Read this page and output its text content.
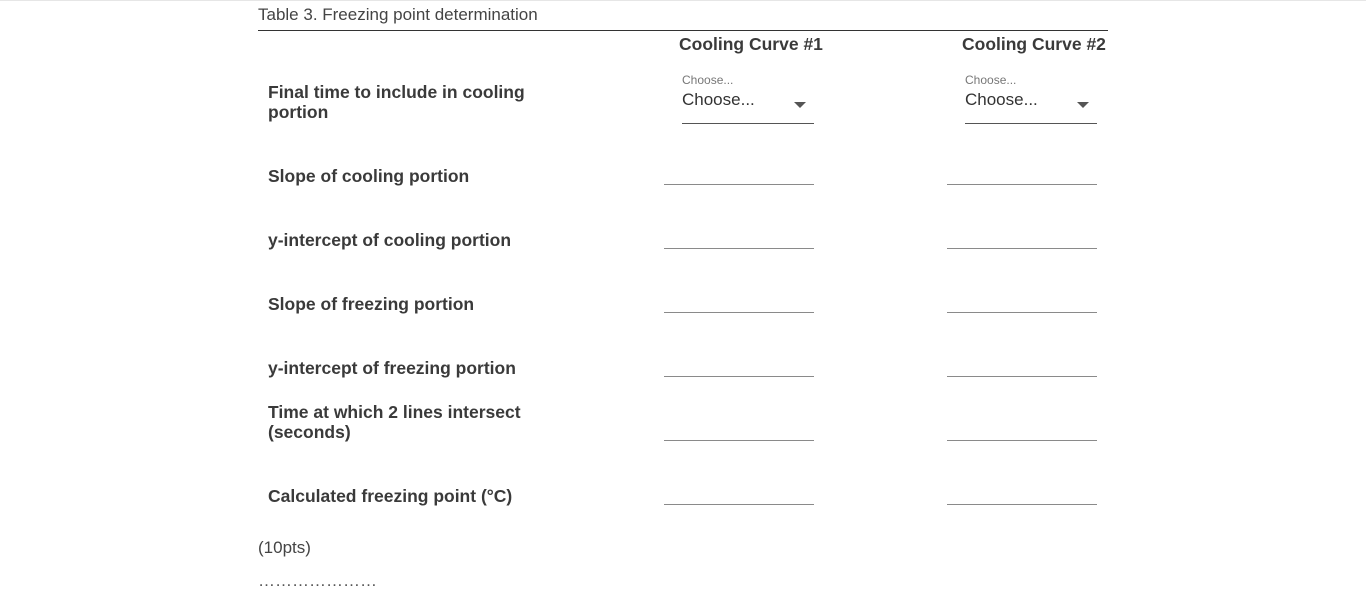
Table 3. Freezing point determination
Cooling Curve #1	Cooling Curve #2
Final time to include in cooling portion
Choose...
Choose...
Choose...
Choose...
Slope of cooling portion
y-intercept of cooling portion
Slope of freezing portion
y-intercept of freezing portion
Time at which 2 lines intersect (seconds)
Calculated freezing point (°C)
(10pts)
…………………
